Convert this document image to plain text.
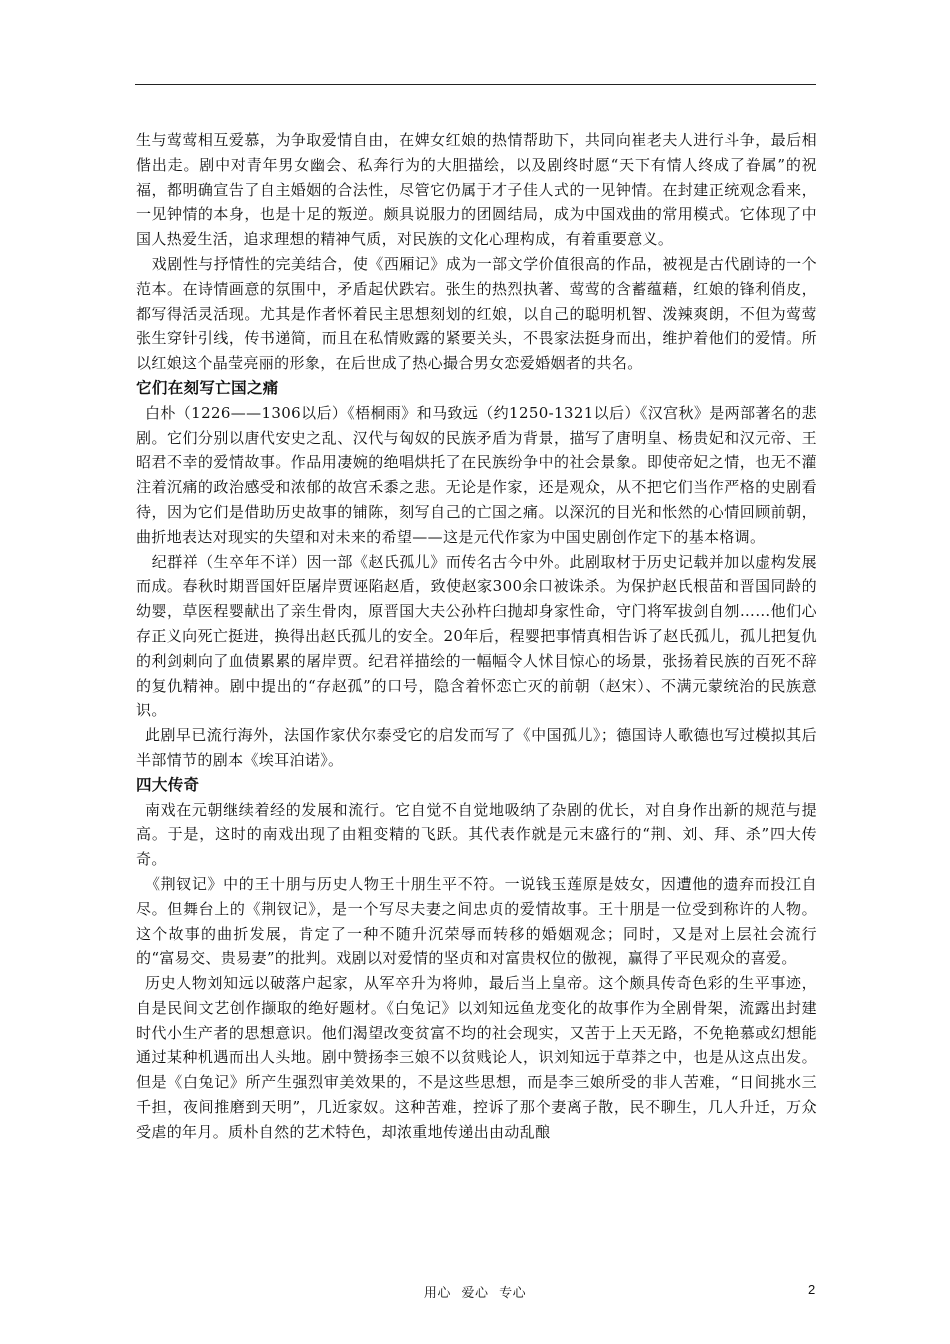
生与莺莺相互爱慕，为争取爱情自由，在婢女红娘的热情帮助下，共同向崔老夫人进行斗争，最后相偕出走。剧中对青年男女幽会、私奔行为的大胆描绘，以及剧终时愿“天下有情人终成了眷属”的祝福，都明确宣告了自主婚姻的合法性，尽管它仍属于才子佳人式的一见钟情。在封建正统观念看来，一见钟情的本身，也是十足的叛逆。颇具说服力的团圆结局，成为中国戏曲的常用模式。它体现了中国人热爱生活，追求理想的精神气质，对民族的文化心理构成，有着重要意义。

戏剧性与抒情性的完美结合，使《西厢记》成为一部文学价值很高的作品，被视是古代剧诗的一个范本。在诗情画意的氛围中，矛盾起伏跌宕。张生的热烈执著、莺莺的含蓄蕴藉，红娘的锋利俏皮，都写得活灵活现。尤其是作者怀着民主思想刻划的红娘，以自己的聪明机智、泼辣爽朗，不但为莺莺张生穿针引线，传书递简，而且在私情败露的紧要关头，不畏家法挺身而出，维护着他们的爱情。所以红娘这个晶莹亮丽的形象，在后世成了热心撮合男女恋爱婚姻者的共名。

它们在刻写亡国之痛

白朴（1226——1306以后）《梧桐雨》和马致远（约1250-1321以后）《汉宫秋》是两部著名的悲剧。它们分别以唐代安史之乱、汉代与匈奴的民族矛盾为背景，描写了唐明皇、杨贵妃和汉元帝、王昭君不幸的爱情故事。作品用凄婉的绝唱烘托了在民族纷争中的社会景象。即使帝妃之情，也无不灌注着沉痛的政治感受和浓郁的故宫禾黍之悲。无论是作家，还是观众，从不把它们当作严格的史剧看待，因为它们是借助历史故事的铺陈，刻写自己的亡国之痛。以深沉的目光和怅然的心情回顾前朝，曲折地表达对现实的失望和对未来的希望——这是元代作家为中国史剧创作定下的基本格调。

纪群祥（生卒年不详）因一部《赵氏孤儿》而传名古今中外。此剧取材于历史记载并加以虚构发展而成。春秋时期晋国奸臣屠岸贾诬陷赵盾，致使赵家300余口被诛杀。为保护赵氏根苗和晋国同龄的幼婴，草医程婴献出了亲生骨肉，原晋国大夫公孙杵臼抛却身家性命，守门将军拔剑自刎……他们心存正义向死亡挺进，换得出赵氏孤儿的安全。20年后，程婴把事情真相告诉了赵氏孤儿，孤儿把复仇的利剑刺向了血债累累的屠岸贾。纪君祥描绘的一幅幅令人怵目惊心的场景，张扬着民族的百死不辞的复仇精神。剧中提出的“存赵孤”的口号，隐含着怀恋亡灭的前朝（赵宋）、不满元蒙统治的民族意识。

此剧早已流行海外，法国作家伏尔泰受它的启发而写了《中国孤儿》；德国诗人歌德也写过模拟其后半部情节的剧本《埃耳泊诺》。

四大传奇

南戏在元朝继续着经的发展和流行。它自觉不自觉地吸纳了杂剧的优长，对自身作出新的规范与提高。于是，这时的南戏出现了由粗变精的飞跃。其代表作就是元末盛行的“荆、刘、拜、杀”四大传奇。

《荆钗记》中的王十朋与历史人物王十朋生平不符。一说钱玉莲原是妓女，因遭他的遗弃而投江自尽。但舞台上的《荆钗记》，是一个写尽夫妻之间忠贞的爱情故事。王十朋是一位受到称许的人物。这个故事的曲折发展，肯定了一种不随升沉荣辱而转移的婚姻观念；同时，又是对上层社会流行的“富易交、贵易妻”的批判。戏剧以对爱情的坚贞和对富贵权位的傲视，赢得了平民观众的喜爱。

历史人物刘知远以破落户起家，从军卒升为将帅，最后当上皇帝。这个颇具传奇色彩的生平事迹，自是民间文艺创作撷取的绝好题材。《白兔记》以刘知远鱼龙变化的故事作为全剧骨架，流露出封建时代小生产者的思想意识。他们渴望改变贫富不均的社会现实，又苦于上天无路，不免艳慕或幻想能通过某种机遇而出人头地。剧中赞扬李三娘不以贫贱论人，识刘知远于草莽之中，也是从这点出发。但是《白兔记》所产生强烈审美效果的，不是这些思想，而是李三娘所受的非人苦难，“日间挑水三千担，夜间推磨到天明”，几近家奴。这种苦难，控诉了那个妻离子散，民不聊生，几人升迁，万众受虐的年月。质朴自然的艺术特色，却浓重地传递出由动乱酿

用心 爱心 专心	2
